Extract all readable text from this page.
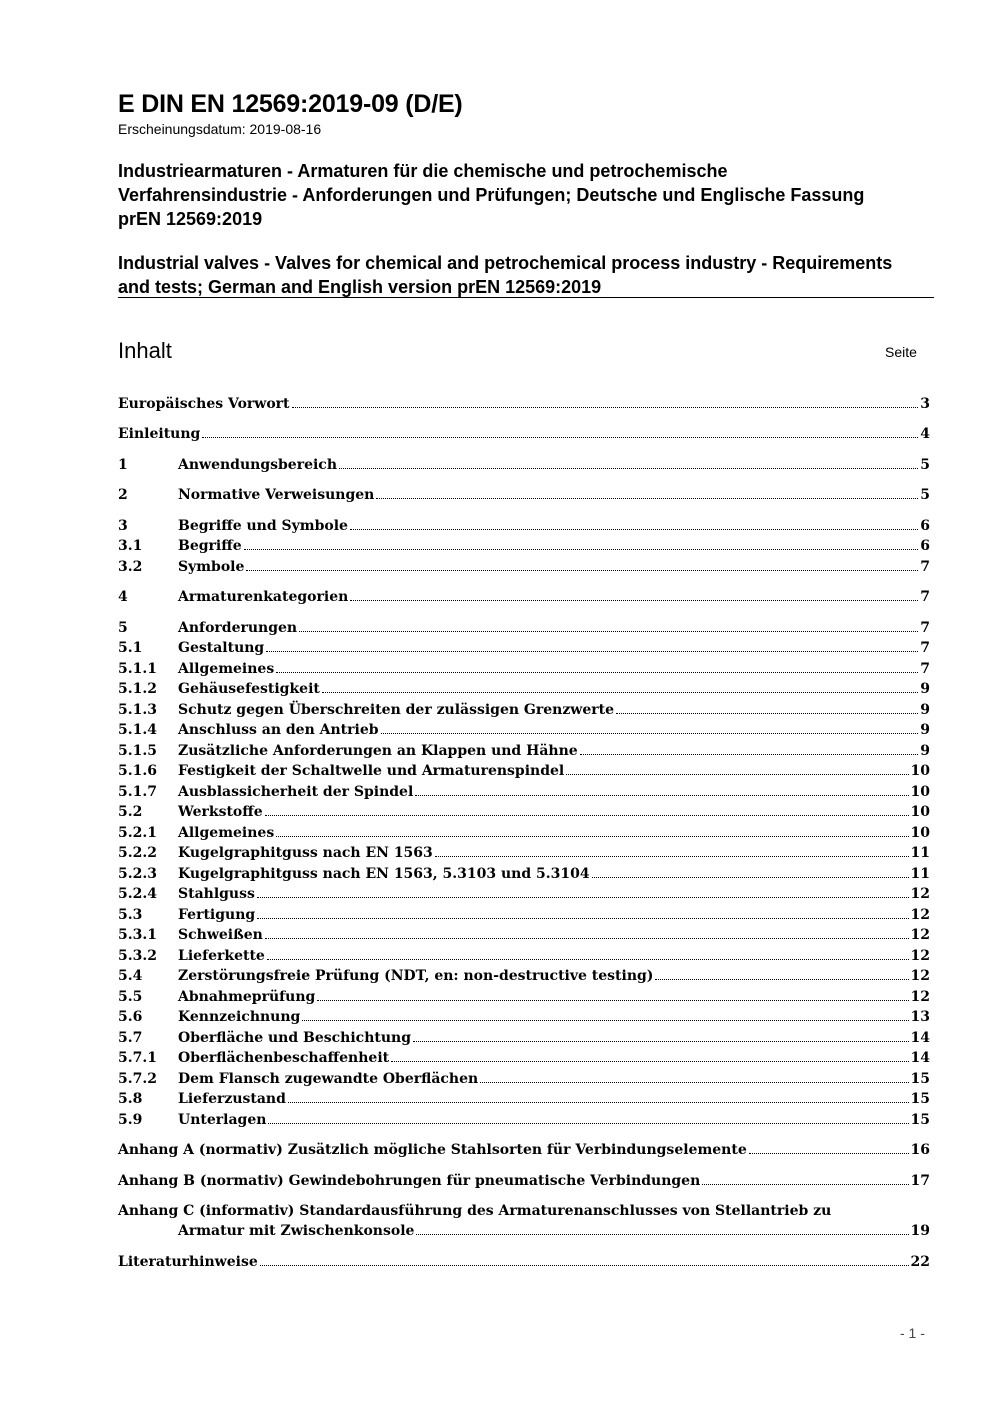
E DIN EN 12569:2019-09 (D/E)
Erscheinungsdatum: 2019-08-16
Industriearmaturen - Armaturen für die chemische und petrochemische Verfahrensindustrie - Anforderungen und Prüfungen; Deutsche und Englische Fassung prEN 12569:2019
Industrial valves - Valves for chemical and petrochemical process industry - Requirements and tests; German and English version prEN 12569:2019
Inhalt	Seite
Europäisches Vorwort	3
Einleitung	4
1	Anwendungsbereich	5
2	Normative Verweisungen	5
3	Begriffe und Symbole	6
3.1	Begriffe	6
3.2	Symbole	7
4	Armaturenkategorien	7
5	Anforderungen	7
5.1	Gestaltung	7
5.1.1 Allgemeines	7
5.1.2 Gehäusefestigkeit	9
5.1.3 Schutz gegen Überschreiten der zulässigen Grenzwerte	9
5.1.4 Anschluss an den Antrieb	9
5.1.5 Zusätzliche Anforderungen an Klappen und Hähne	9
5.1.6 Festigkeit der Schaltwelle und Armaturenspindel	10
5.1.7 Ausblassicherheit der Spindel	10
5.2	Werkstoffe	10
5.2.1 Allgemeines	10
5.2.2 Kugelgraphitguss nach EN 1563	11
5.2.3 Kugelgraphitguss nach EN 1563, 5.3103 und 5.3104	11
5.2.4 Stahlguss	12
5.3	Fertigung	12
5.3.1 Schweißen	12
5.3.2 Lieferkette	12
5.4	Zerstörungsfreie Prüfung (NDT, en: non-destructive testing)	12
5.5	Abnahmeprüfung	12
5.6	Kennzeichnung	13
5.7	Oberfläche und Beschichtung	14
5.7.1 Oberflächenbeschaffenheit	14
5.7.2 Dem Flansch zugewandte Oberflächen	15
5.8	Lieferzustand	15
5.9	Unterlagen	15
Anhang A (normativ) Zusätzlich mögliche Stahlsorten für Verbindungselemente	16
Anhang B (normativ) Gewindebohrungen für pneumatische Verbindungen	17
Anhang C (informativ) Standardausführung des Armaturenanschlusses von Stellantrieb zu
Armatur mit Zwischenkonsole	19
Literaturhinweise	22
- 1 -
